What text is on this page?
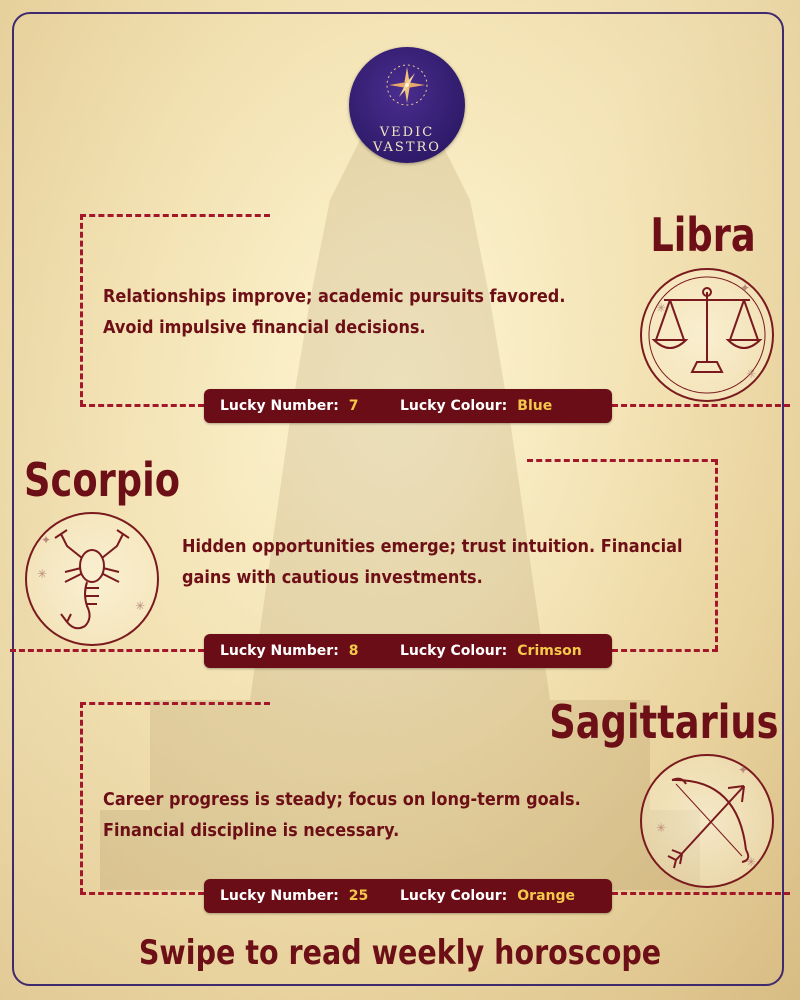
VEDIC
VASTRO
Libra
✳
✳
✦
Relationships improve; academic pursuits favored.
Avoid impulsive financial decisions.
Lucky Number: 7	Lucky Colour: Blue
Scorpio
✳
✳
✦	Hidden opportunities emerge; trust intuition. Financial
gains with cautious investments.
Lucky Number: 8	Lucky Colour: Crimson
Sagittarius
✳
✳
✦
Career progress is steady; focus on long-term goals.
Financial discipline is necessary.
Lucky Number: 25 Lucky Colour: Orange
Swipe to read weekly horoscope
